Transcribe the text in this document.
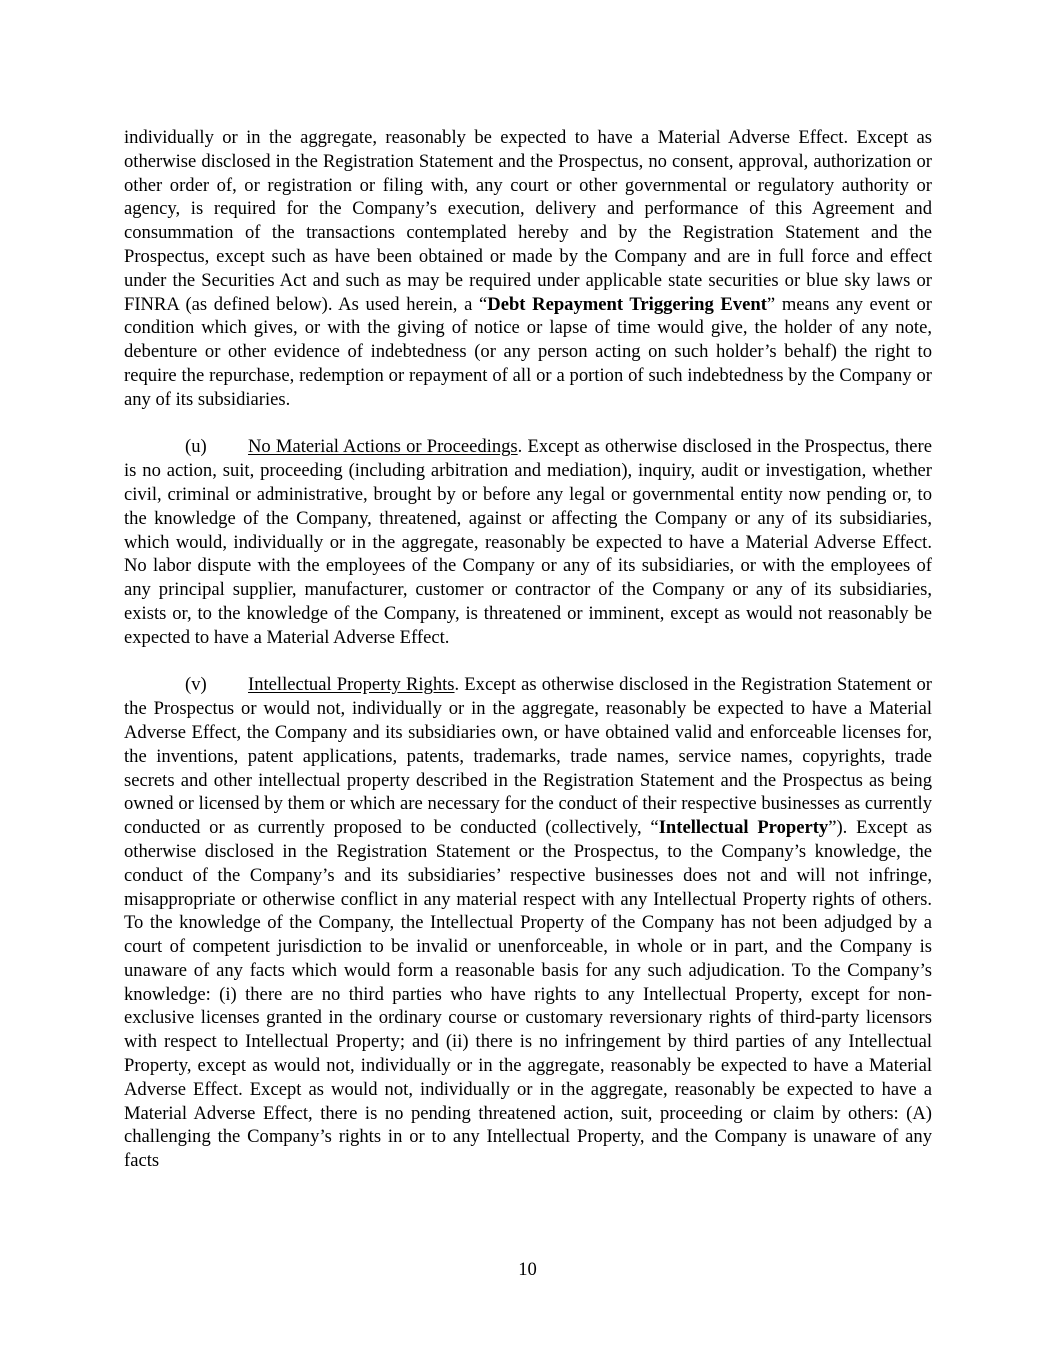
individually or in the aggregate, reasonably be expected to have a Material Adverse Effect. Except as otherwise disclosed in the Registration Statement and the Prospectus, no consent, approval, authorization or other order of, or registration or filing with, any court or other governmental or regulatory authority or agency, is required for the Company’s execution, delivery and performance of this Agreement and consummation of the transactions contemplated hereby and by the Registration Statement and the Prospectus, except such as have been obtained or made by the Company and are in full force and effect under the Securities Act and such as may be required under applicable state securities or blue sky laws or FINRA (as defined below). As used herein, a “Debt Repayment Triggering Event” means any event or condition which gives, or with the giving of notice or lapse of time would give, the holder of any note, debenture or other evidence of indebtedness (or any person acting on such holder’s behalf) the right to require the repurchase, redemption or repayment of all or a portion of such indebtedness by the Company or any of its subsidiaries.

(u) No Material Actions or Proceedings. Except as otherwise disclosed in the Prospectus, there is no action, suit, proceeding (including arbitration and mediation), inquiry, audit or investigation, whether civil, criminal or administrative, brought by or before any legal or governmental entity now pending or, to the knowledge of the Company, threatened, against or affecting the Company or any of its subsidiaries, which would, individually or in the aggregate, reasonably be expected to have a Material Adverse Effect. No labor dispute with the employees of the Company or any of its subsidiaries, or with the employees of any principal supplier, manufacturer, customer or contractor of the Company or any of its subsidiaries, exists or, to the knowledge of the Company, is threatened or imminent, except as would not reasonably be expected to have a Material Adverse Effect.

(v) Intellectual Property Rights. Except as otherwise disclosed in the Registration Statement or the Prospectus or would not, individually or in the aggregate, reasonably be expected to have a Material Adverse Effect, the Company and its subsidiaries own, or have obtained valid and enforceable licenses for, the inventions, patent applications, patents, trademarks, trade names, service names, copyrights, trade secrets and other intellectual property described in the Registration Statement and the Prospectus as being owned or licensed by them or which are necessary for the conduct of their respective businesses as currently conducted or as currently proposed to be conducted (collectively, “Intellectual Property”). Except as otherwise disclosed in the Registration Statement or the Prospectus, to the Company’s knowledge, the conduct of the Company’s and its subsidiaries’ respective businesses does not and will not infringe, misappropriate or otherwise conflict in any material respect with any Intellectual Property rights of others. To the knowledge of the Company, the Intellectual Property of the Company has not been adjudged by a court of competent jurisdiction to be invalid or unenforceable, in whole or in part, and the Company is unaware of any facts which would form a reasonable basis for any such adjudication. To the Company’s knowledge: (i) there are no third parties who have rights to any Intellectual Property, except for non-exclusive licenses granted in the ordinary course or customary reversionary rights of third-party licensors with respect to Intellectual Property; and (ii) there is no infringement by third parties of any Intellectual Property, except as would not, individually or in the aggregate, reasonably be expected to have a Material Adverse Effect. Except as would not, individually or in the aggregate, reasonably be expected to have a Material Adverse Effect, there is no pending threatened action, suit, proceeding or claim by others: (A) challenging the Company’s rights in or to any Intellectual Property, and the Company is unaware of any facts

10
